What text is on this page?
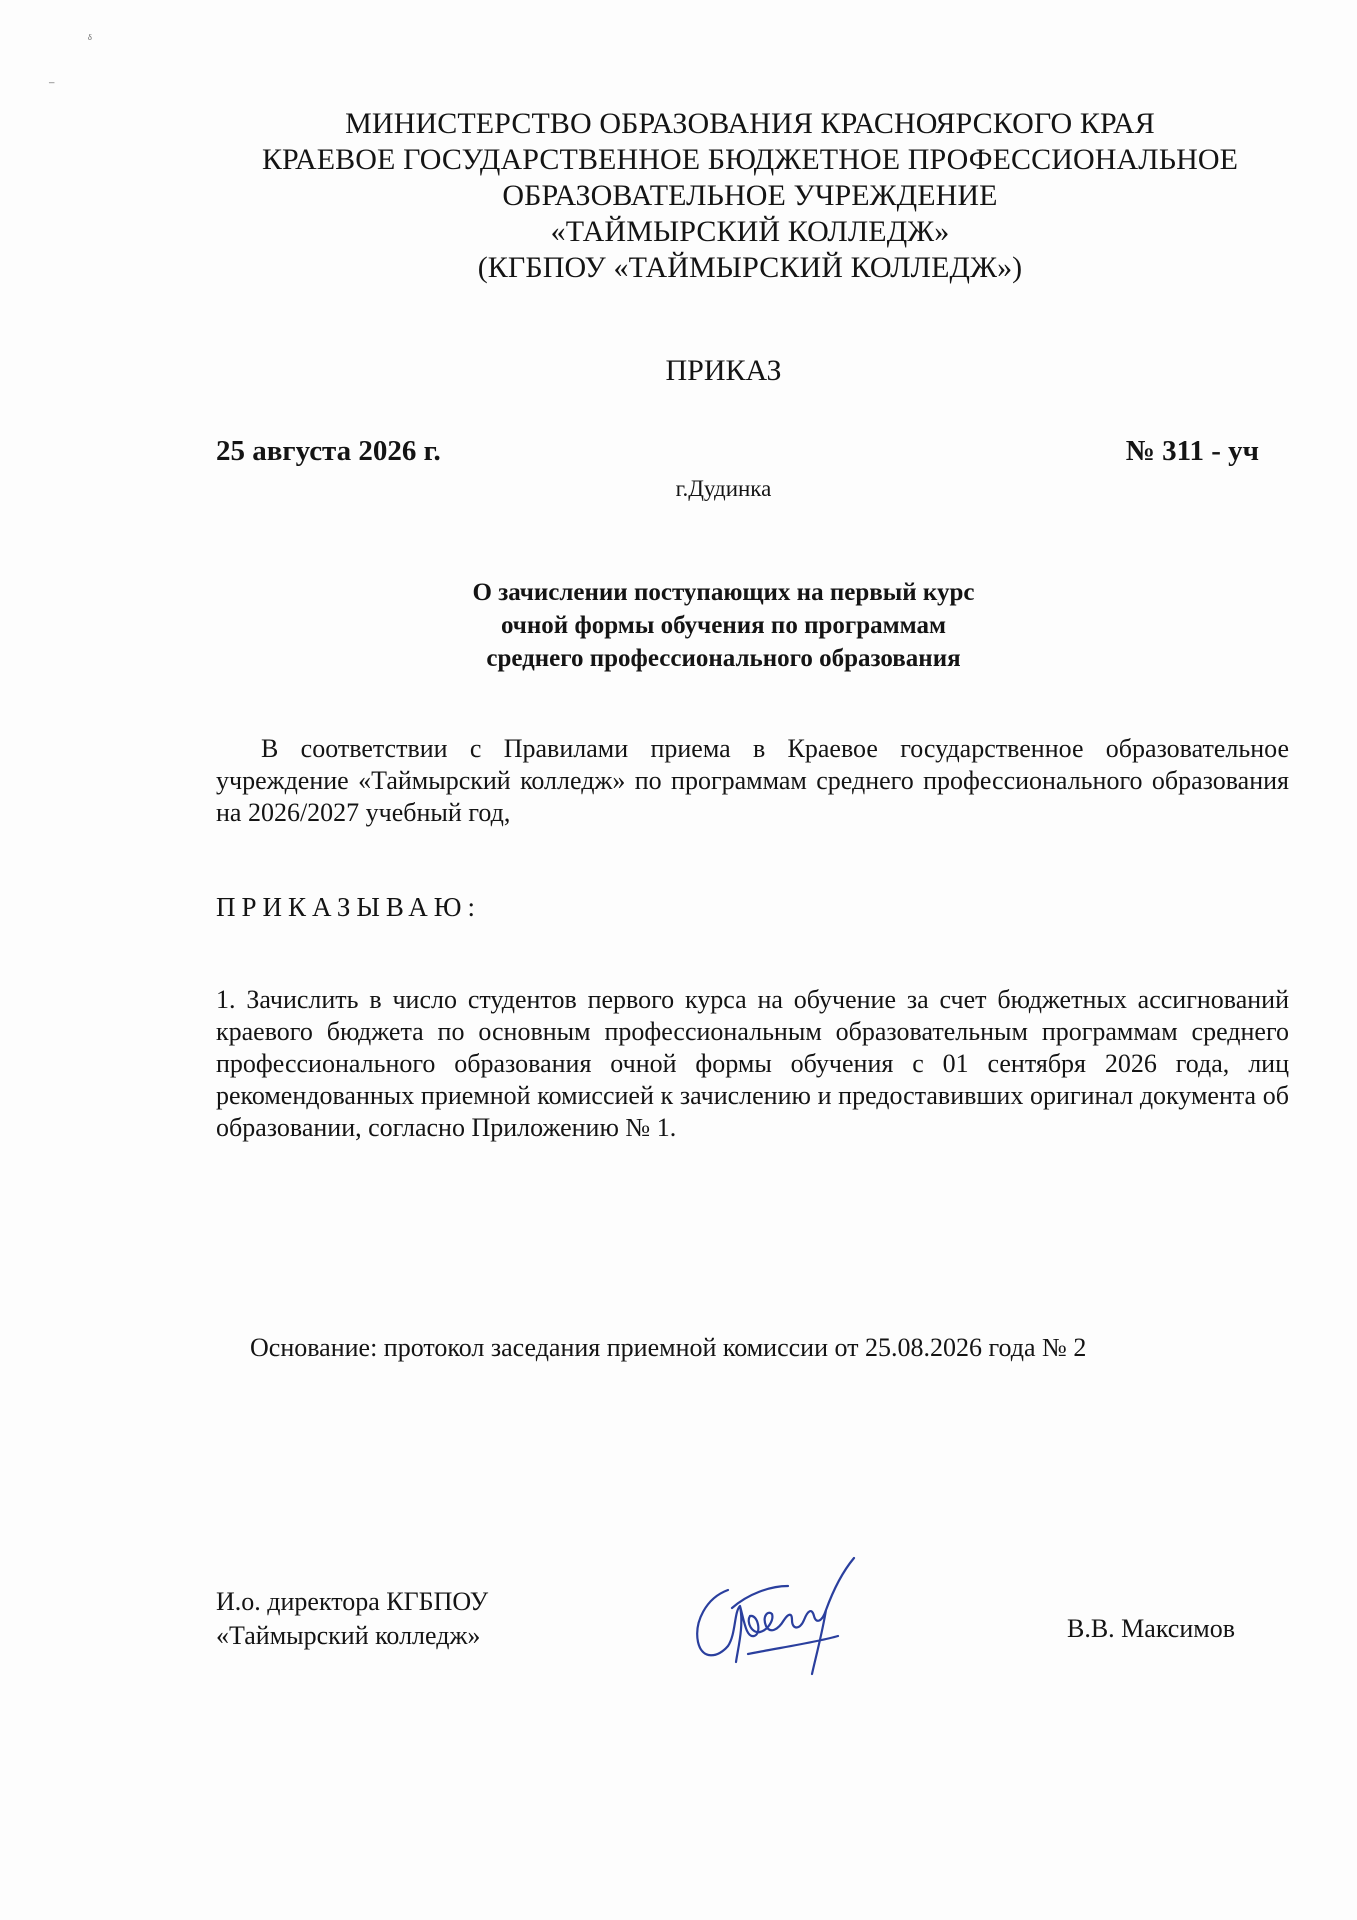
ᵟ
⁻
МИНИСТЕРСТВО ОБРАЗОВАНИЯ КРАСНОЯРСКОГО КРАЯ
КРАЕВОЕ ГОСУДАРСТВЕННОЕ БЮДЖЕТНОЕ ПРОФЕССИОНАЛЬНОЕ
ОБРАЗОВАТЕЛЬНОЕ УЧРЕЖДЕНИЕ
«ТАЙМЫРСКИЙ КОЛЛЕДЖ»
(КГБПОУ «ТАЙМЫРСКИЙ КОЛЛЕДЖ»)
ПРИКАЗ
25 августа 2026 г.	№ 311 - уч
г.Дудинка
О зачислении поступающих на первый курс
очной формы обучения по программам
среднего профессионального образования
В соответствии с Правилами приема в Краевое государственное образовательное учреждение «Таймырский колледж» по программам среднего профессионального образования на 2026/2027 учебный год,
ПРИКАЗЫВАЮ:
1. Зачислить в число студентов первого курса на обучение за счет бюджетных ассигнований краевого бюджета по основным профессиональным образовательным программам среднего профессионального образования очной формы обучения с 01 сентября 2026 года, лиц рекомендованных приемной комиссией к зачислению и предоставивших оригинал документа об образовании, согласно Приложению № 1.
Основание: протокол заседания приемной комиссии от 25.08.2026 года № 2
И.о. директора КГБПОУ
«Таймырский колледж»	В.В. Максимов
